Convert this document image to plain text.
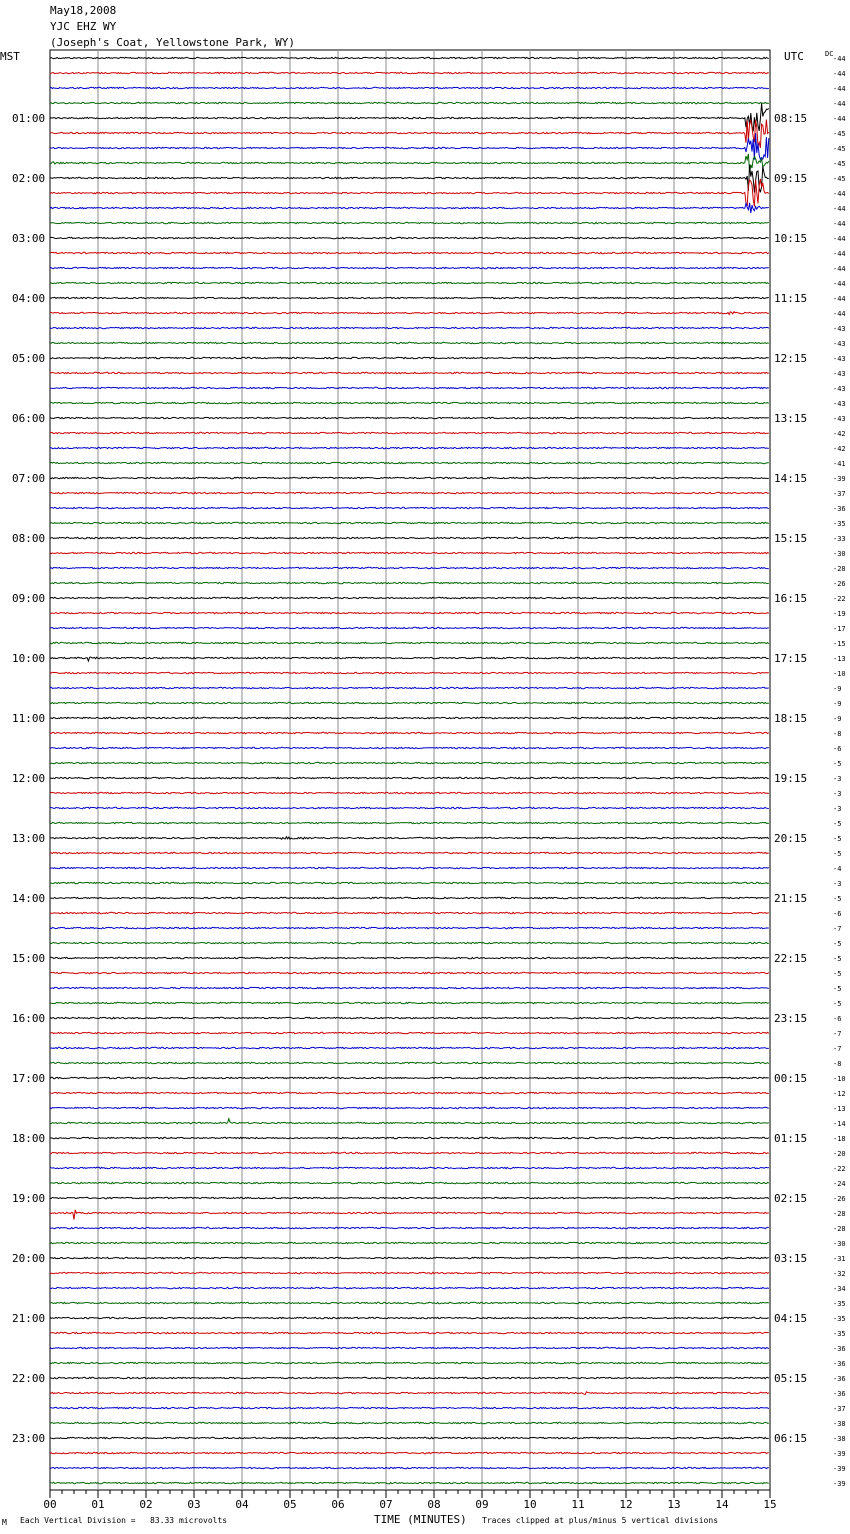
May18,2008
YJC EHZ WY
(Joseph's Coat, Yellowstone Park, WY)
00	01	02	03	04	05	06	07	08	09	10	11	12	13	14	15
MST	UTC	DC
01:00
02:00
03:00
04:00
05:00
06:00
07:00
08:00
09:00
10:00
11:00
12:00
13:00
14:00
15:00
16:00
17:00
18:00
19:00
20:00
21:00
22:00
23:00
08:15
09:15
10:15
11:15
12:15
13:15
14:15
15:15
16:15
17:15
18:15
19:15
20:15
21:15
22:15
23:15
00:15
01:15
02:15
03:15
04:15
05:15
06:15
-44
-44
-44
-44
-44
-45
-45
-45
-45
-44
-44
-44
-44
-44
-44
-44
-44
-44
-43
-43
-43
-43
-43
-43
-43
-42
-42
-41
-39
-37
-36
-35
-33
-30
-28
-26
-22
-19
-17
-15
-13
-10
-9
-9
-9
-8
-6
-5
-3
-3
-3
-5
-5
-5
-4
-3
-5
-6
-7
-5
-5
-5
-5
-5
-6
-7
-7
-8
-10
-12
-13
-14
-18
-20
-22
-24
-26
-28
-28
-30
-31
-32
-34
-35
-35
-35
-36
-36
-36
-36
-37
-38
-38
-39
-39
-39
M Each Vertical Division =   83.33 microvolts	TIME (MINUTES) Traces clipped at plus/minus 5 vertical divisions
